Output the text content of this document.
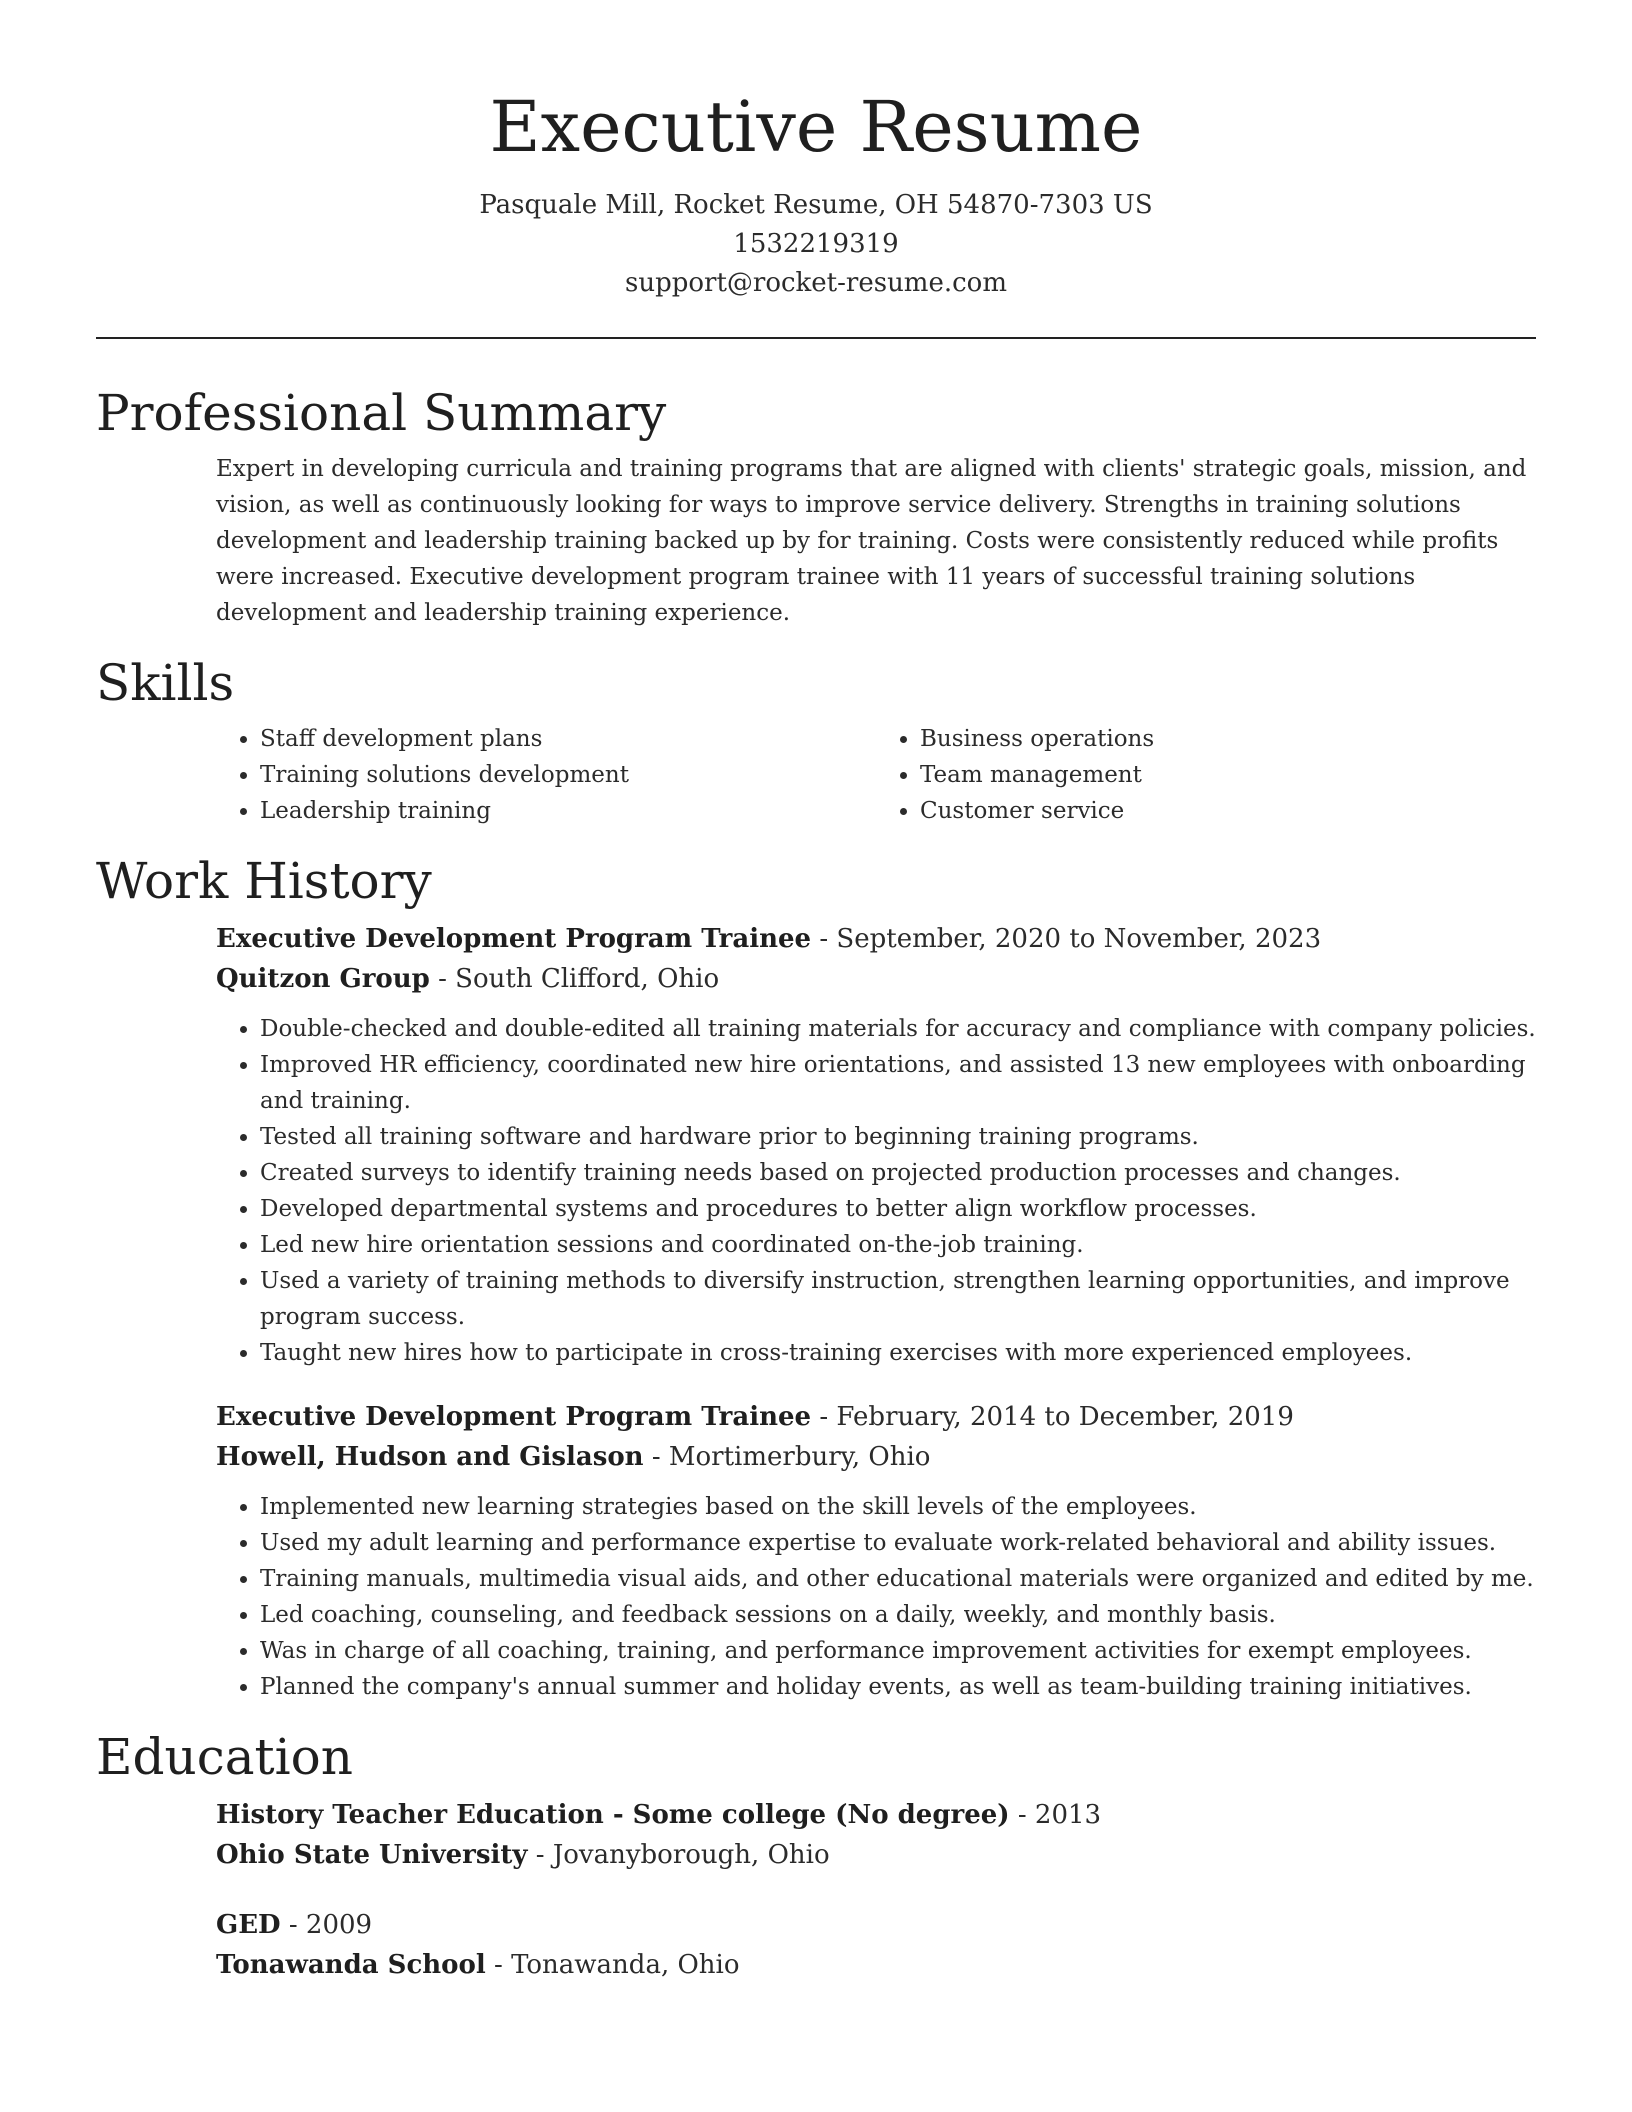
Executive Resume
Pasquale Mill, Rocket Resume, OH 54870-7303 US
1532219319
support@rocket-resume.com
Professional Summary

Expert in developing curricula and training programs that are aligned with clients' strategic goals, mission, and vision, as well as continuously looking for ways to improve service delivery. Strengths in training solutions development and leadership training backed up by for training. Costs were consistently reduced while profits were increased. Executive development program trainee with 11 years of successful training solutions development and leadership training experience.

Skills
• Staff development plans
• Training solutions development
• Leadership training
• Business operations
• Team management
• Customer service
Work History
Executive Development Program Trainee - September, 2020 to November, 2023
Quitzon Group - South Clifford, Ohio
• Double-checked and double-edited all training materials for accuracy and compliance with company policies.
• Improved HR efficiency, coordinated new hire orientations, and assisted 13 new employees with onboarding and training.
• Tested all training software and hardware prior to beginning training programs.
• Created surveys to identify training needs based on projected production processes and changes.
• Developed departmental systems and procedures to better align workflow processes.
• Led new hire orientation sessions and coordinated on-the-job training.
• Used a variety of training methods to diversify instruction, strengthen learning opportunities, and improve program success.
• Taught new hires how to participate in cross-training exercises with more experienced employees.
Executive Development Program Trainee - February, 2014 to December, 2019
Howell, Hudson and Gislason - Mortimerbury, Ohio
• Implemented new learning strategies based on the skill levels of the employees.
• Used my adult learning and performance expertise to evaluate work-related behavioral and ability issues.
• Training manuals, multimedia visual aids, and other educational materials were organized and edited by me.
• Led coaching, counseling, and feedback sessions on a daily, weekly, and monthly basis.
• Was in charge of all coaching, training, and performance improvement activities for exempt employees.
• Planned the company's annual summer and holiday events, as well as team-building training initiatives.
Education
History Teacher Education - Some college (No degree) - 2013
Ohio State University - Jovanyborough, Ohio
GED - 2009
Tonawanda School - Tonawanda, Ohio
